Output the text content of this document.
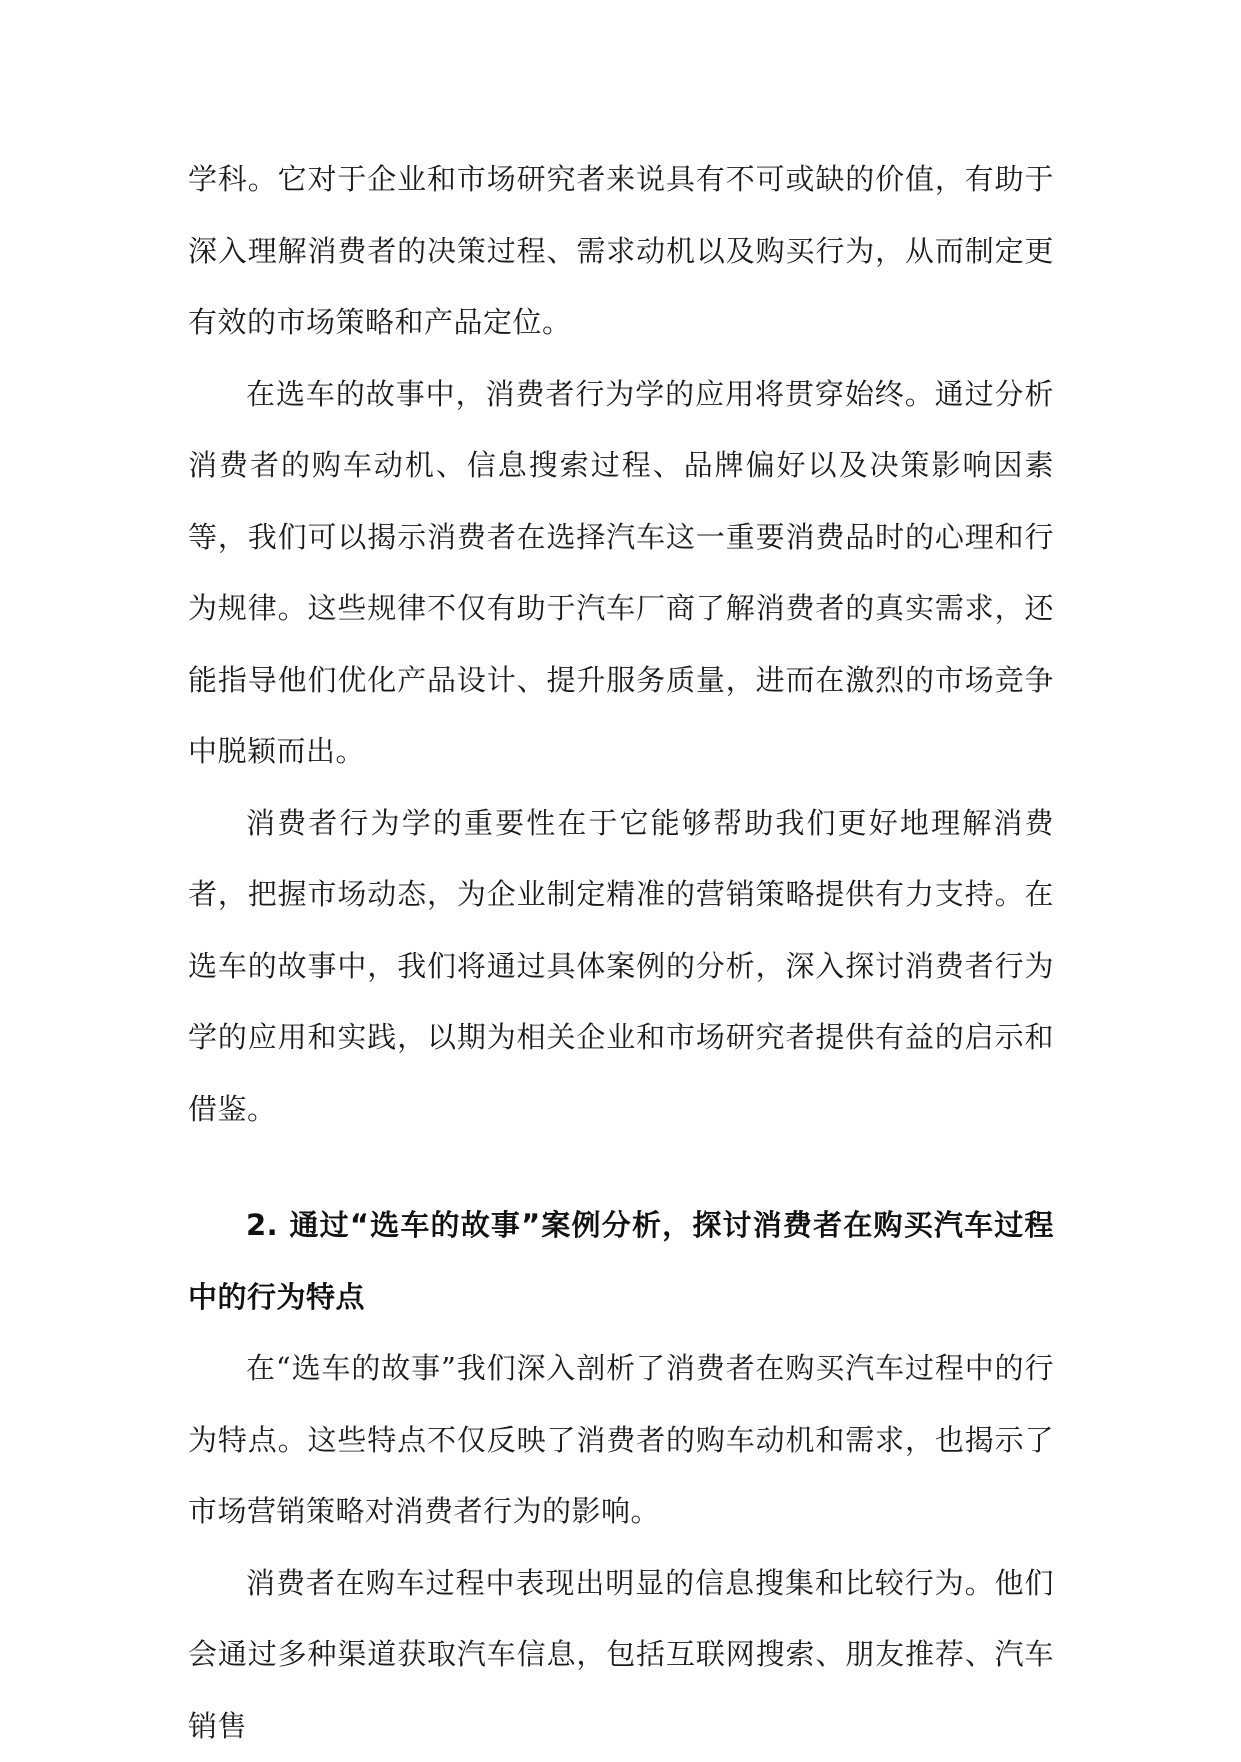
学科。它对于企业和市场研究者来说具有不可或缺的价值，有助于深入理解消费者的决策过程、需求动机以及购买行为，从而制定更有效的市场策略和产品定位。

在选车的故事中，消费者行为学的应用将贯穿始终。通过分析消费者的购车动机、信息搜索过程、品牌偏好以及决策影响因素等，我们可以揭示消费者在选择汽车这一重要消费品时的心理和行为规律。这些规律不仅有助于汽车厂商了解消费者的真实需求，还能指导他们优化产品设计、提升服务质量，进而在激烈的市场竞争中脱颖而出。

消费者行为学的重要性在于它能够帮助我们更好地理解消费者，把握市场动态，为企业制定精准的营销策略提供有力支持。在选车的故事中，我们将通过具体案例的分析，深入探讨消费者行为学的应用和实践，以期为相关企业和市场研究者提供有益的启示和借鉴。

2. 通过“选车的故事”案例分析，探讨消费者在购买汽车过程中的行为特点

在“选车的故事”我们深入剖析了消费者在购买汽车过程中的行为特点。这些特点不仅反映了消费者的购车动机和需求，也揭示了市场营销策略对消费者行为的影响。

消费者在购车过程中表现出明显的信息搜集和比较行为。他们会通过多种渠道获取汽车信息，包括互联网搜索、朋友推荐、汽车销售
